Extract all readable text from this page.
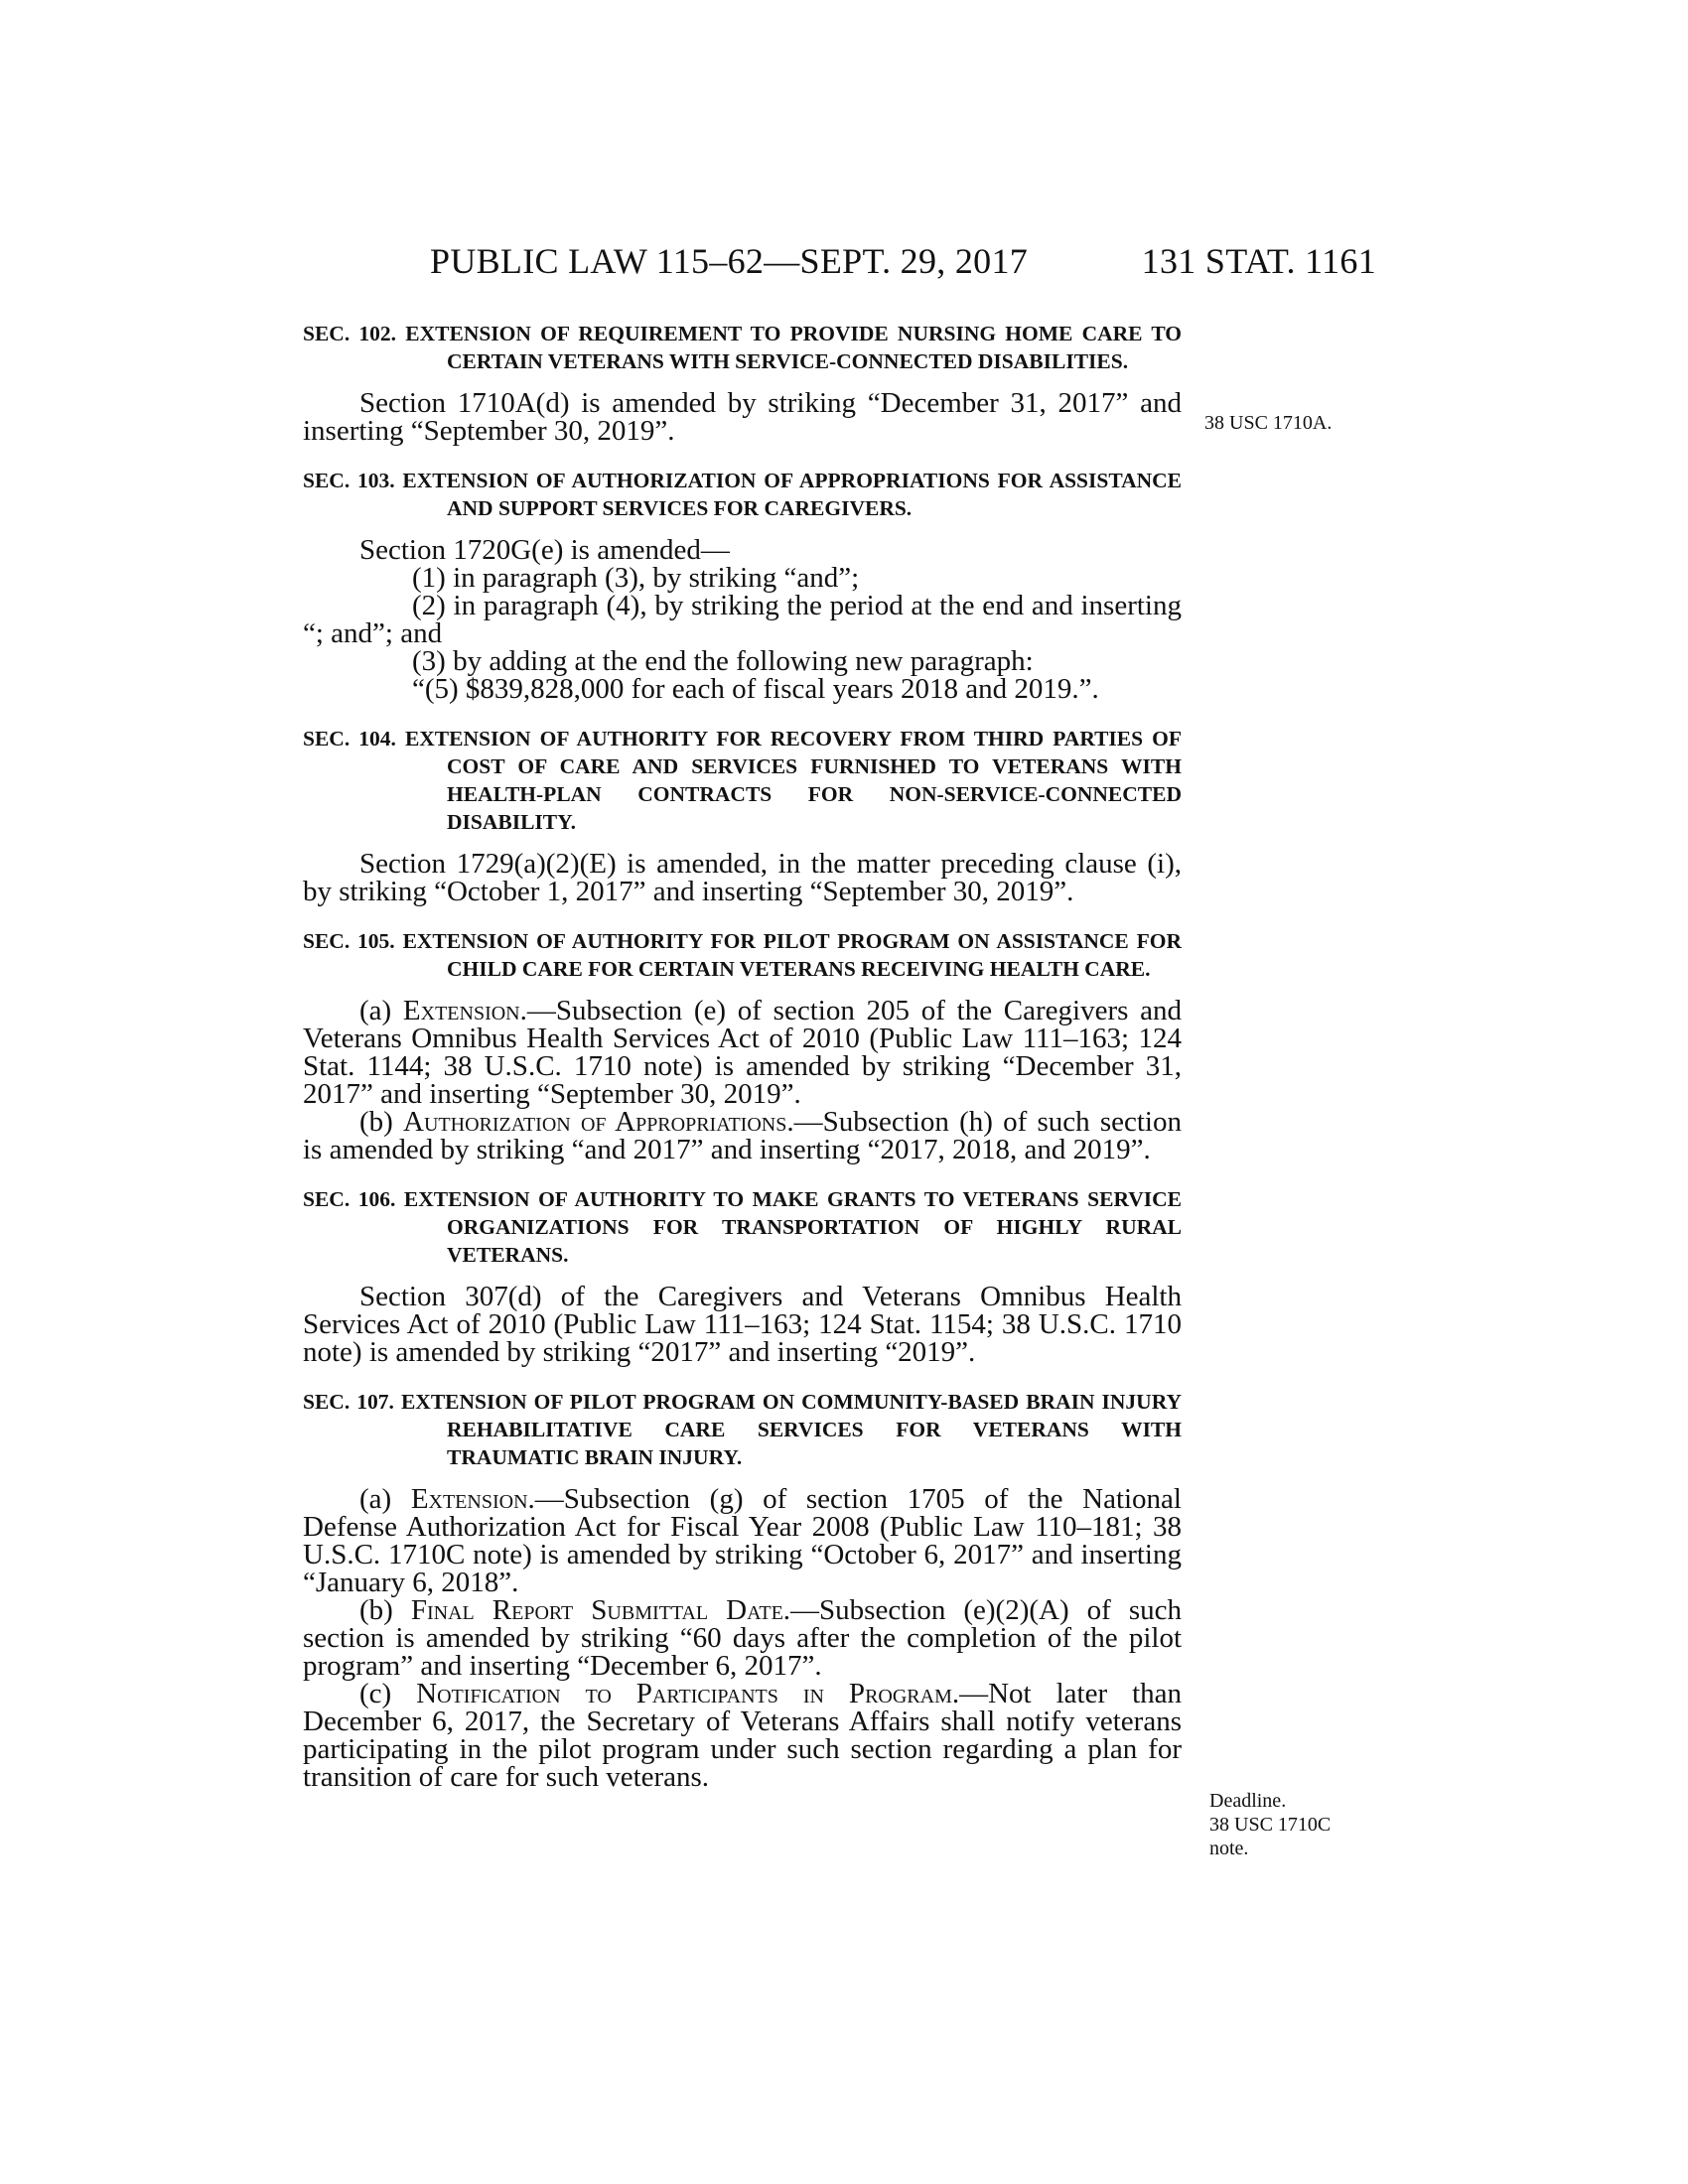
PUBLIC LAW 115–62—SEPT. 29, 2017	131 STAT. 1161

SEC. 102. EXTENSION OF REQUIREMENT TO PROVIDE NURSING HOME CARE TO CERTAIN VETERANS WITH SERVICE-CONNECTED DISABILITIES.

Section 1710A(d) is amended by striking “December 31, 2017” and inserting “September 30, 2019”.

SEC. 103. EXTENSION OF AUTHORIZATION OF APPROPRIATIONS FOR ASSISTANCE AND SUPPORT SERVICES FOR CAREGIVERS.

Section 1720G(e) is amended—

(1) in paragraph (3), by striking “and”;

(2) in paragraph (4), by striking the period at the end and inserting “; and”; and

(3) by adding at the end the following new paragraph:

“(5) $839,828,000 for each of fiscal years 2018 and 2019.”.

SEC. 104. EXTENSION OF AUTHORITY FOR RECOVERY FROM THIRD PARTIES OF COST OF CARE AND SERVICES FURNISHED TO VETERANS WITH HEALTH-PLAN CONTRACTS FOR NON-SERVICE-CONNECTED DISABILITY.

Section 1729(a)(2)(E) is amended, in the matter preceding clause (i), by striking “October 1, 2017” and inserting “September 30, 2019”.

SEC. 105. EXTENSION OF AUTHORITY FOR PILOT PROGRAM ON ASSISTANCE FOR CHILD CARE FOR CERTAIN VETERANS RECEIVING HEALTH CARE.

(a) Extension.—Subsection (e) of section 205 of the Caregivers and Veterans Omnibus Health Services Act of 2010 (Public Law 111–163; 124 Stat. 1144; 38 U.S.C. 1710 note) is amended by striking “December 31, 2017” and inserting “September 30, 2019”.

(b) Authorization of Appropriations.—Subsection (h) of such section is amended by striking “and 2017” and inserting “2017, 2018, and 2019”.

SEC. 106. EXTENSION OF AUTHORITY TO MAKE GRANTS TO VETERANS SERVICE ORGANIZATIONS FOR TRANSPORTATION OF HIGHLY RURAL VETERANS.

Section 307(d) of the Caregivers and Veterans Omnibus Health Services Act of 2010 (Public Law 111–163; 124 Stat. 1154; 38 U.S.C. 1710 note) is amended by striking “2017” and inserting “2019”.

SEC. 107. EXTENSION OF PILOT PROGRAM ON COMMUNITY-BASED BRAIN INJURY REHABILITATIVE CARE SERVICES FOR VETERANS WITH TRAUMATIC BRAIN INJURY.

(a) Extension.—Subsection (g) of section 1705 of the National Defense Authorization Act for Fiscal Year 2008 (Public Law 110–181; 38 U.S.C. 1710C note) is amended by striking “October 6, 2017” and inserting “January 6, 2018”.

(b) Final Report Submittal Date.—Subsection (e)(2)(A) of such section is amended by striking “60 days after the completion of the pilot program” and inserting “December 6, 2017”.

(c) Notification to Participants in Program.—Not later than December 6, 2017, the Secretary of Veterans Affairs shall notify veterans participating in the pilot program under such section regarding a plan for transition of care for such veterans.

38 USC 1710A.
Deadline.
38 USC 1710C
note.
